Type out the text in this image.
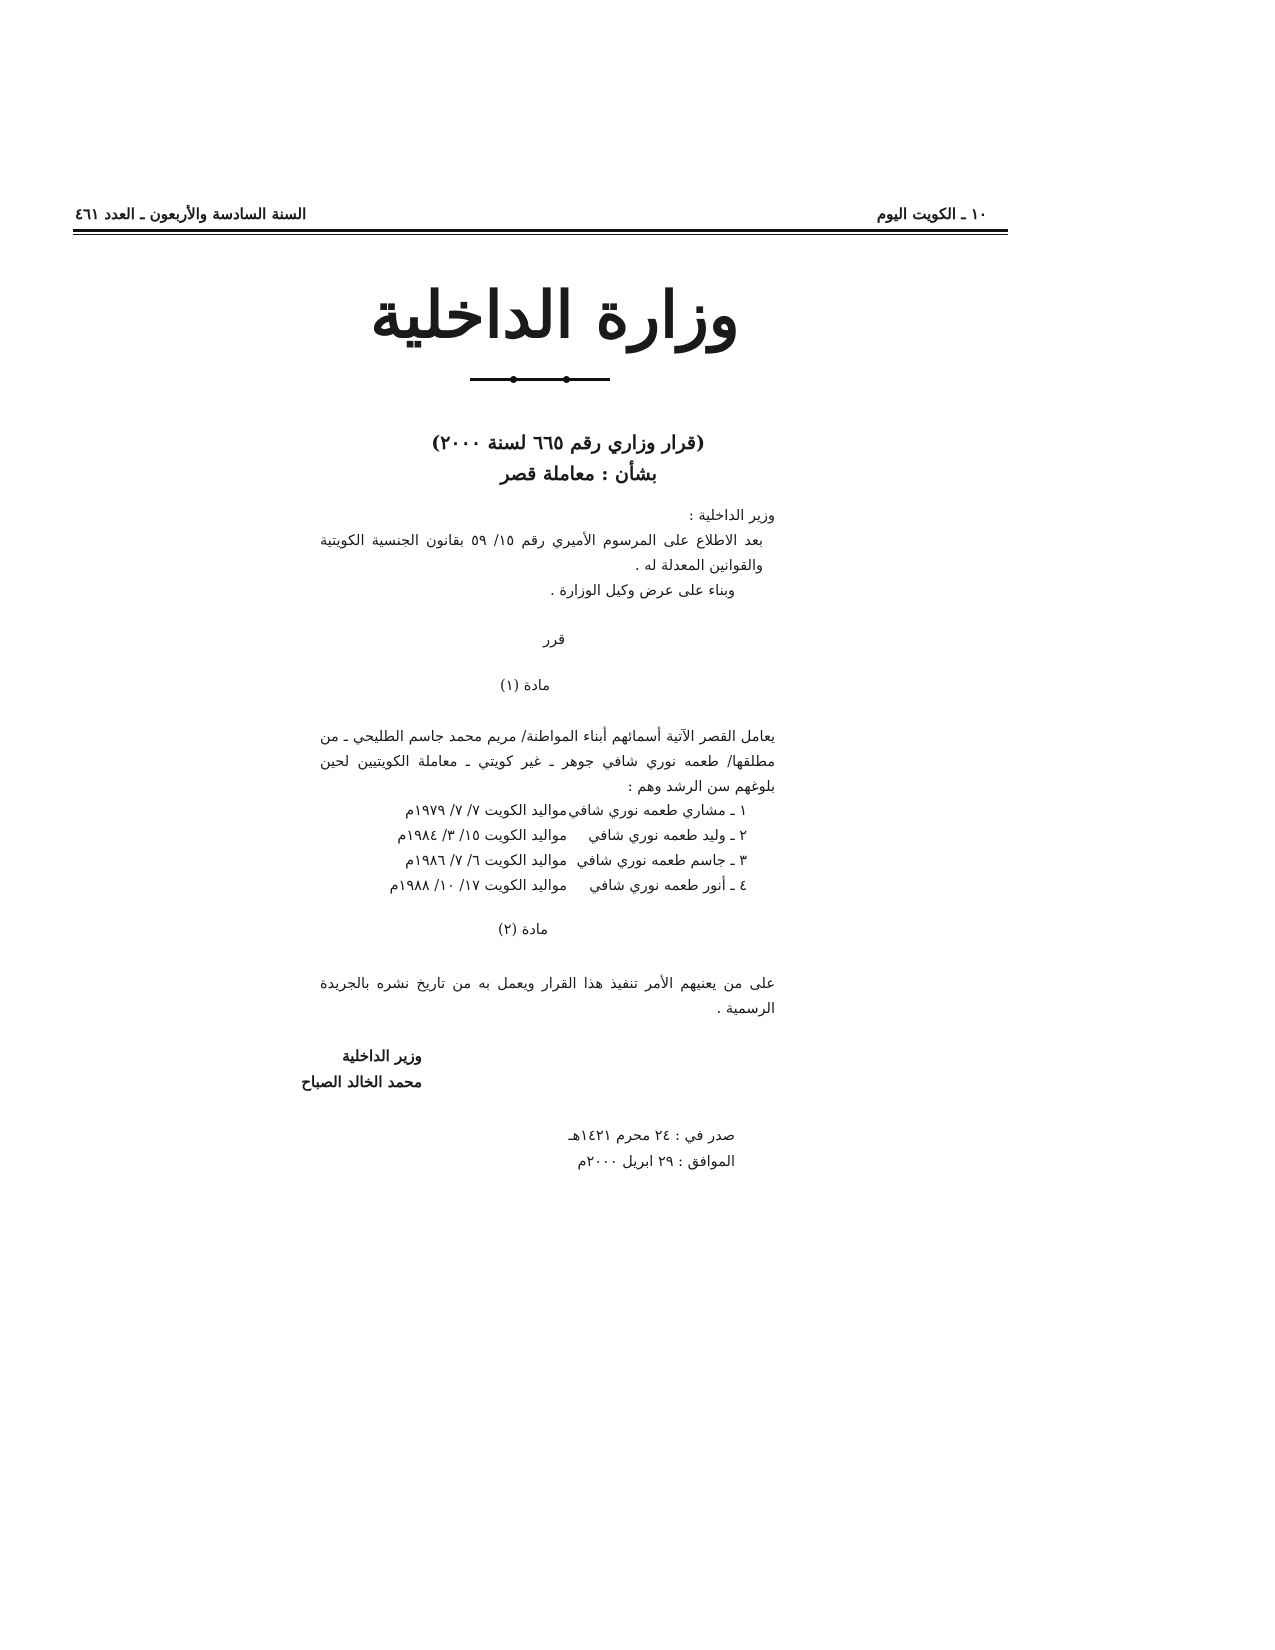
١٠ ـ الكويت اليوم
السنة السادسة والأربعون ـ العدد ٤٦١
وزارة الداخلية
(قرار وزاري رقم ٦٦٥ لسنة ٢٠٠٠)
بشأن : معاملة قصر
وزير الداخلية :
بعد الاطلاع على المرسوم الأميري رقم ١٥/ ٥٩ بقانون الجنسية الكويتية والقوانين المعدلة له .
وبناء على عرض وكيل الوزارة .
قرر
مادة (١)
يعامل القصر الآتية أسمائهم أبناء المواطنة/ مريم محمد جاسم الطليحي ـ من مطلقها/ طعمه نوري شافي جوهر ـ غير كويتي ـ معاملة الكويتيين لحين بلوغهم سن الرشد وهم :
١ ـ مشاري طعمه نوري شافي	مواليد الكويت ٧/ ٧/ ١٩٧٩م
٢ ـ وليد طعمه نوري شافي	مواليد الكويت ١٥/ ٣/ ١٩٨٤م
٣ ـ جاسم طعمه نوري شافي	مواليد الكويت ٦/ ٧/ ١٩٨٦م
٤ ـ أنور طعمه نوري شافي	مواليد الكويت ١٧/ ١٠/ ١٩٨٨م
مادة (٢)
على من يعنيهم الأمر تنفيذ هذا القرار ويعمل به من تاريخ نشره بالجريدة الرسمية .
وزير الداخلية
محمد الخالد الصباح
صدر في : ٢٤ محرم ١٤٢١هـ
الموافق : ٢٩ ابريل ٢٠٠٠م
